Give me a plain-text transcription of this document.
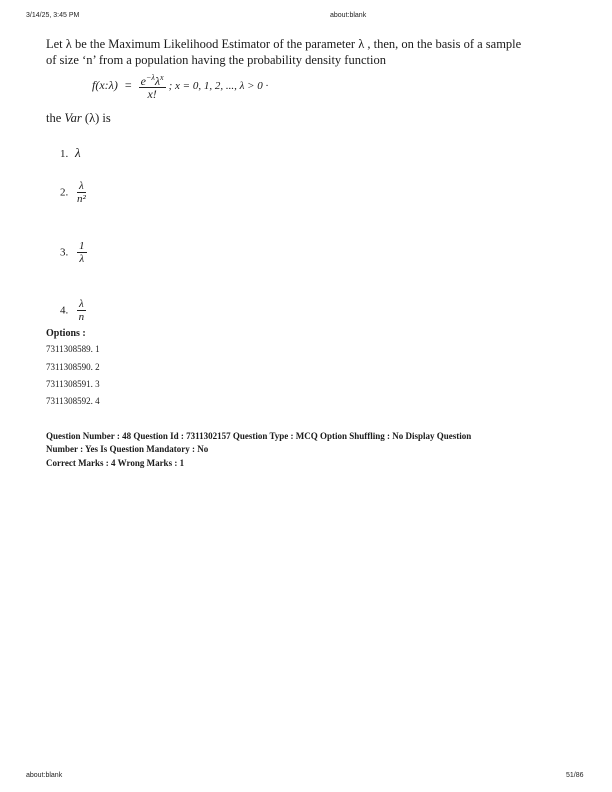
3/14/25, 3:45 PM	about:blank
Let λ be the Maximum Likelihood Estimator of the parameter λ , then, on the basis of a sample
of size ‘n’ from a population having the probability density function
f(x:λ) = $\frac{e^{-\lambda}\lambda^x}{x!}$ ; x = 0, 1, 2, ..., λ > 0 ·
the Var (λ) is
1. λ
2. $\frac{\lambda}{\text{n²}}$
3. $\frac{1}{\lambda}$
4. $\frac{\lambda}{n}$
Options :
7311308589. 1
7311308590. 2
7311308591. 3
7311308592. 4
Question Number : 48 Question Id : 7311302157 Question Type : MCQ Option Shuffling : No Display Question
Number : Yes Is Question Mandatory : No
Correct Marks : 4 Wrong Marks : 1
about:blank	51/86
